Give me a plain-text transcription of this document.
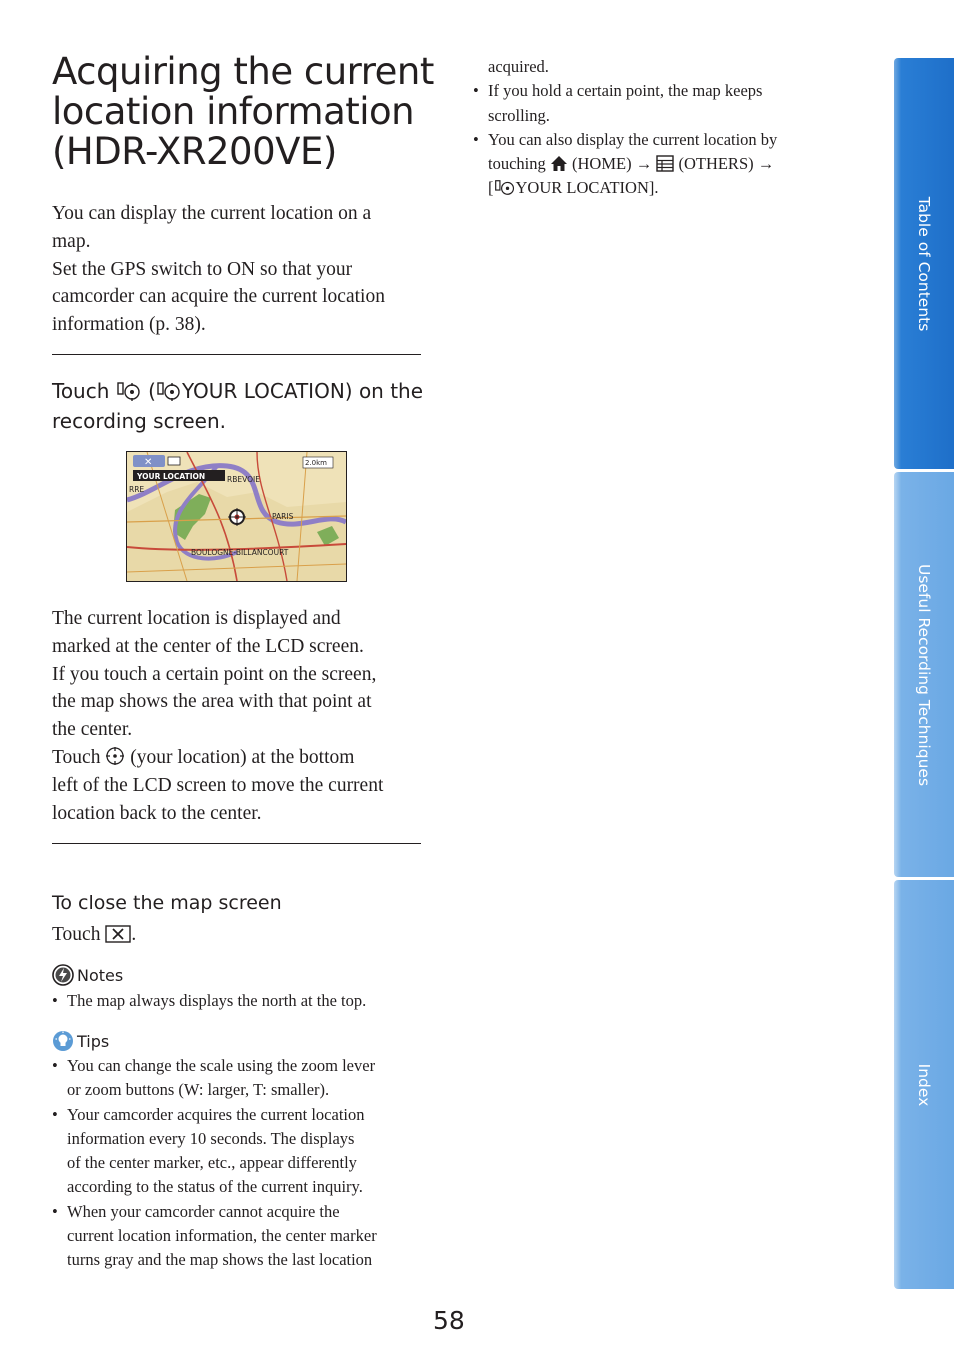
Acquiring the current
location information
(HDR-XR200VE)
You can display the current location on a
map.
Set the GPS switch to ON so that your
camcorder can acquire the current location
information (p. 38).
Touch ( YOUR LOCATION) on the
recording screen.
✕
YOUR LOCATION
2.0km
RBEVOIE
RRE
PARIS
BOULOGNE-BILLANCOURT
The current location is displayed and
marked at the center of the LCD screen.
If you touch a certain point on the screen,
the map shows the area with that point at
the center.
Touch (your location) at the bottom
left of the LCD screen to move the current
location back to the center.
To close the map screen
Touch .
Notes
• The map always displays the north at the top.
Tips
• You can change the scale using the zoom lever
or zoom buttons (W: larger, T: smaller).
• Your camcorder acquires the current location
information every 10 seconds. The displays
of the center marker, etc., appear differently
according to the status of the current inquiry.
• When your camcorder cannot acquire the
current location information, the center marker
turns gray and the map shows the last location
acquired.
• If you hold a certain point, the map keeps
scrolling.
• You can also display the current location by
touching (HOME) → (OTHERS) →
[ YOUR LOCATION].
58
Table of Contents
Useful Recording Techniques
Index
